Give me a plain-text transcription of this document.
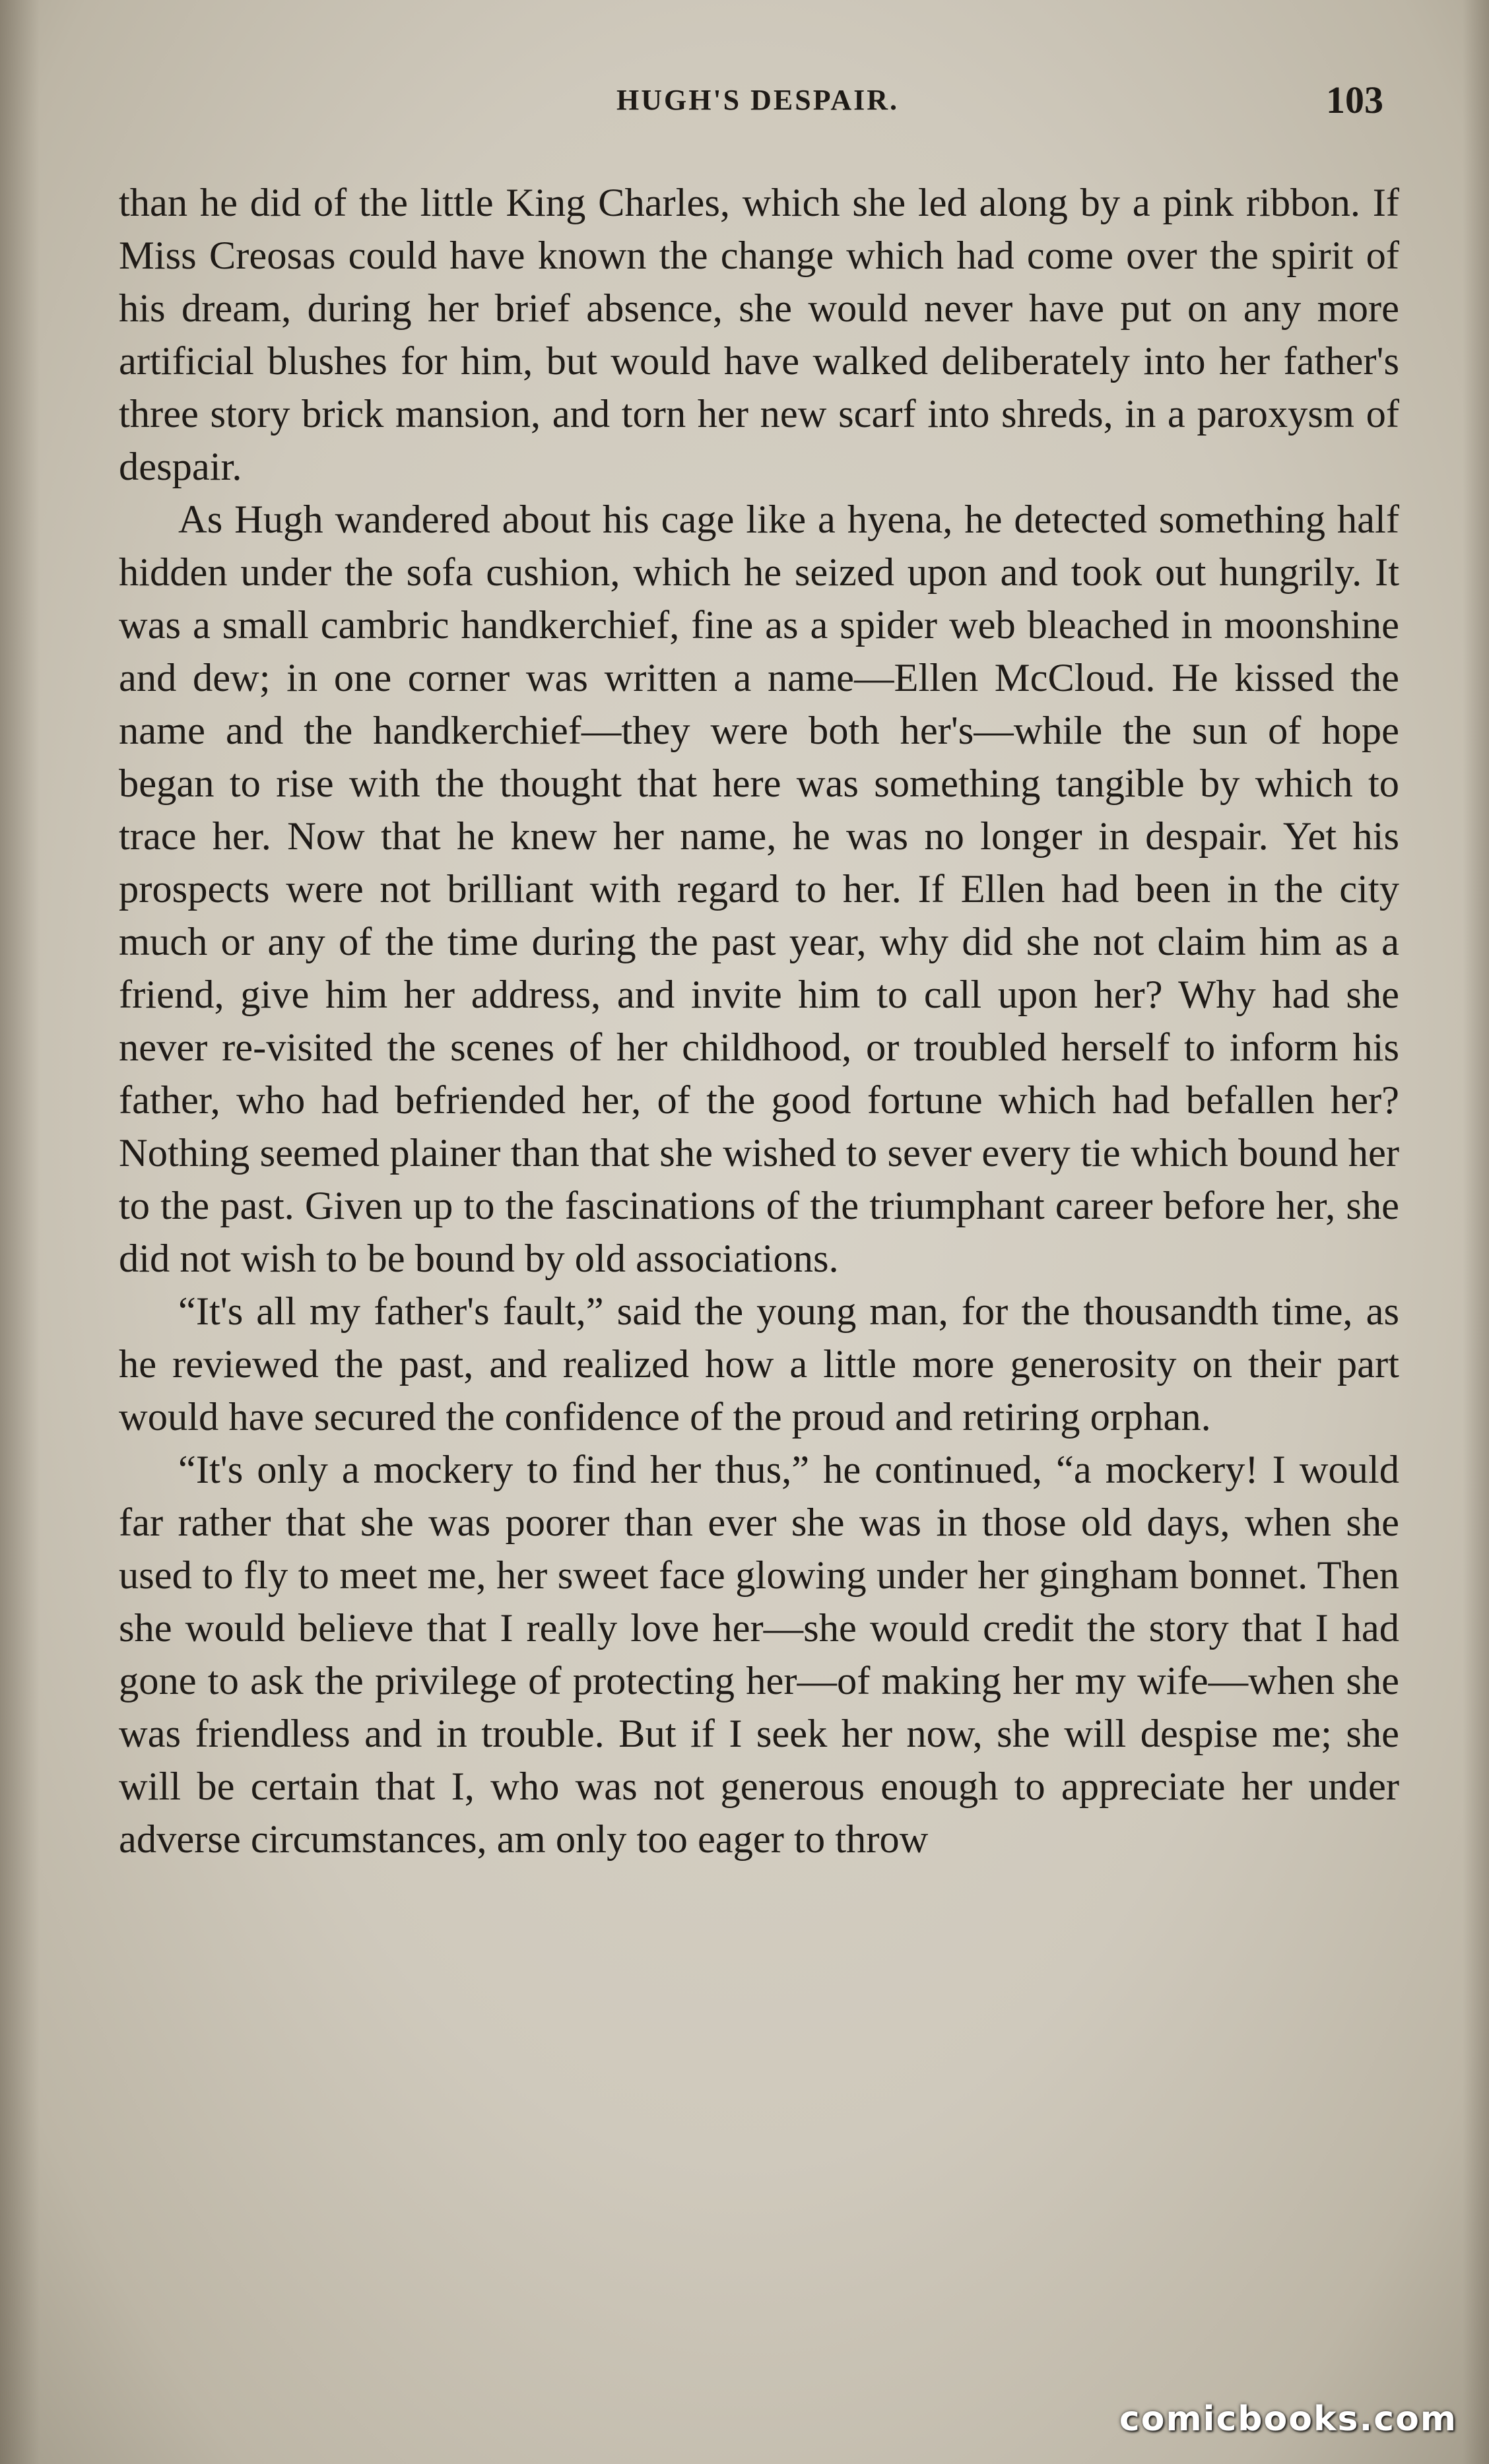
HUGH'S DESPAIR.	103

than he did of the little King Charles, which she led along by a pink ribbon. If Miss Creosas could have known the change which had come over the spirit of his dream, during her brief absence, she would never have put on any more artificial blushes for him, but would have walked deliberately into her father's three story brick mansion, and torn her new scarf into shreds, in a paroxysm of despair.

As Hugh wandered about his cage like a hyena, he detected something half hidden under the sofa cushion, which he seized upon and took out hungrily. It was a small cambric handkerchief, fine as a spider web bleached in moonshine and dew; in one corner was written a name—Ellen McCloud. He kissed the name and the handkerchief—they were both her's—while the sun of hope began to rise with the thought that here was something tangible by which to trace her. Now that he knew her name, he was no longer in despair. Yet his prospects were not brilliant with regard to her. If Ellen had been in the city much or any of the time during the past year, why did she not claim him as a friend, give him her address, and invite him to call upon her? Why had she never re-visited the scenes of her childhood, or troubled herself to inform his father, who had befriended her, of the good fortune which had befallen her? Nothing seemed plainer than that she wished to sever every tie which bound her to the past. Given up to the fascinations of the triumphant career before her, she did not wish to be bound by old associations.

“It's all my father's fault,” said the young man, for the thousandth time, as he reviewed the past, and realized how a little more generosity on their part would have secured the confidence of the proud and retiring orphan.

“It's only a mockery to find her thus,” he continued, “a mockery! I would far rather that she was poorer than ever she was in those old days, when she used to fly to meet me, her sweet face glowing under her gingham bonnet. Then she would believe that I really love her—she would credit the story that I had gone to ask the privilege of protecting her—of making her my wife—when she was friendless and in trouble. But if I seek her now, she will despise me; she will be certain that I, who was not generous enough to appreciate her under adverse circumstances, am only too eager to throw

comicbooks.com
